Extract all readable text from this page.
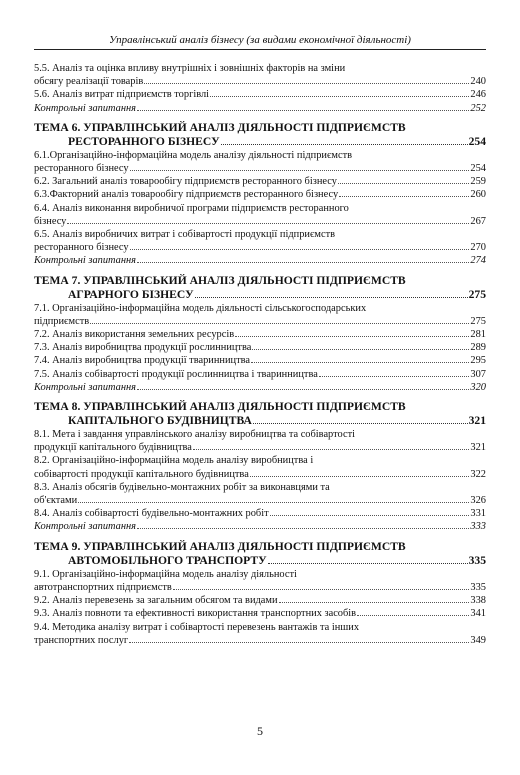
Управлінський аналіз бізнесу (за видами економічної діяльності)
5.5. Аналіз та оцінка впливу внутрішніх і зовнішніх факторів на зміни
обсягу реалізації товарів	240
5.6. Аналіз витрат підприємств торгівлі	246
Контрольні запитання	252
ТЕМА 6. УПРАВЛІНСЬКИЙ АНАЛІЗ ДІЯЛЬНОСТІ ПІДПРИЄМСТВ
РЕСТОРАННОГО БІЗНЕСУ	254
6.1.Організаційно-інформаційна модель аналізу діяльності підприємств
ресторанного бізнесу	254
6.2. Загальний аналіз товарообігу підприємств ресторанного бізнесу	259
6.3.Факторний аналіз товарообігу підприємств ресторанного бізнесу	260
6.4. Аналіз виконання виробничої програми підприємств ресторанного
бізнесу	267
6.5. Аналіз виробничих витрат і собівартості продукції підприємств
ресторанного бізнесу	270
Контрольні запитання	274
ТЕМА 7. УПРАВЛІНСЬКИЙ АНАЛІЗ ДІЯЛЬНОСТІ ПІДПРИЄМСТВ
АГРАРНОГО БІЗНЕСУ	275
7.1. Організаційно-інформаційна модель діяльності сільськогосподарських
підприємств	275
7.2. Аналіз використання земельних ресурсів	281
7.3. Аналіз виробництва продукції рослинництва	289
7.4. Аналіз виробництва продукції тваринництва	295
7.5. Аналіз собівартості продукції рослинництва і тваринництва	307
Контрольні запитання	320
ТЕМА 8. УПРАВЛІНСЬКИЙ АНАЛІЗ ДІЯЛЬНОСТІ ПІДПРИЄМСТВ
КАПІТАЛЬНОГО БУДІВНИЦТВА	321
8.1. Мета і завдання управлінського аналізу виробництва та собівартості
продукції капітального будівництва	321
8.2. Організаційно-інформаційна модель аналізу виробництва і
собівартості продукції капітального будівництва	322
8.3. Аналіз обсягів будівельно-монтажних робіт за виконавцями та
об'єктами	326
8.4. Аналіз собівартості будівельно-монтажних робіт	331
Контрольні запитання	333
ТЕМА 9. УПРАВЛІНСЬКИЙ АНАЛІЗ ДІЯЛЬНОСТІ ПІДПРИЄМСТВ
АВТОМОБІЛЬНОГО ТРАНСПОРТУ	335
9.1. Організаційно-інформаційна модель аналізу діяльності
автотранспортних підприємств	335
9.2. Аналіз перевезень за загальним обсягом та видами	338
9.3. Аналіз повноти та ефективності використання транспортних засобів	341
9.4. Методика аналізу витрат і собівартості перевезень вантажів та інших
транспортних послуг	349
5
